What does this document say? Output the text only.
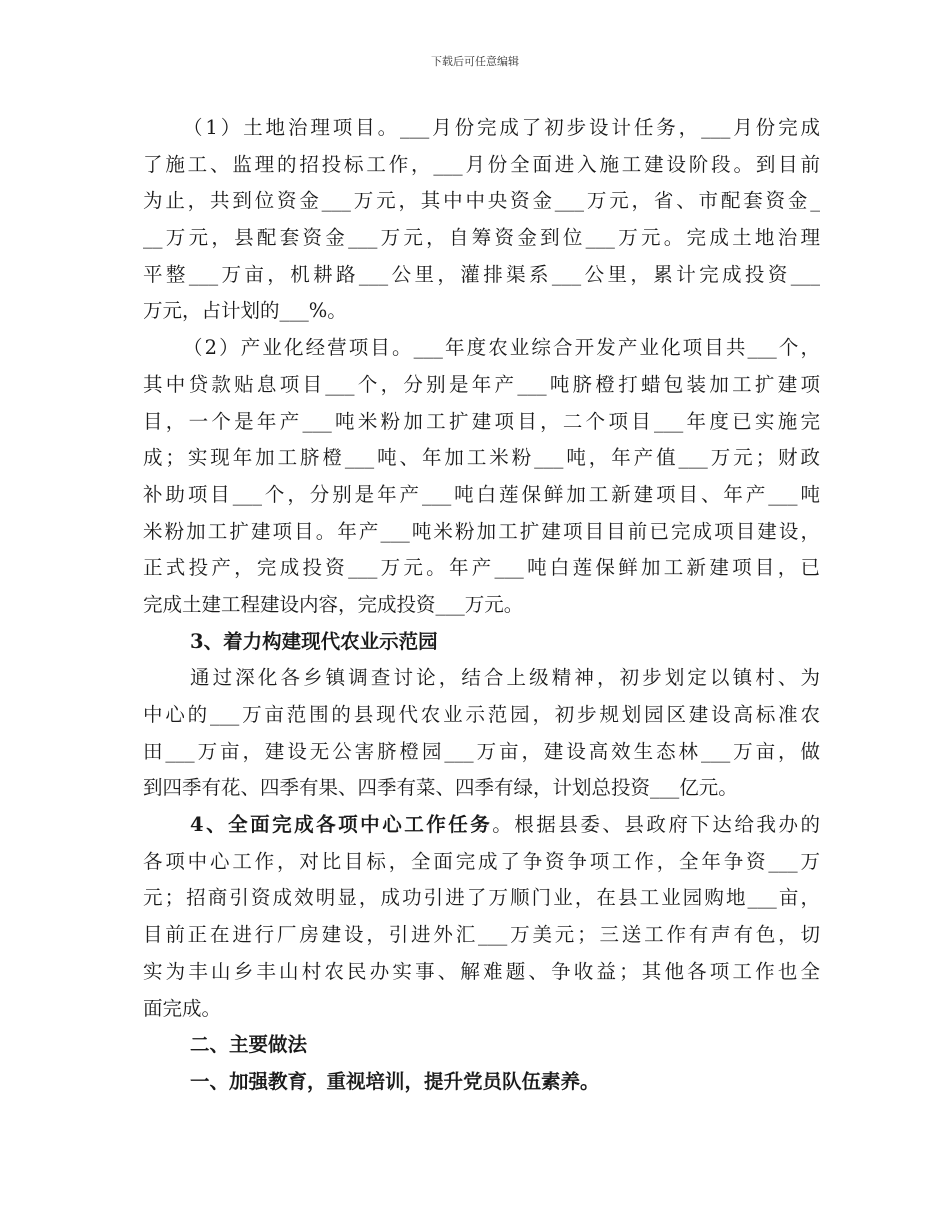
下载后可任意编辑
（1）土地治理项目。___月份完成了初步设计任务，___月份完成
了施工、监理的招投标工作，___月份全面进入施工建设阶段。到目前
为止，共到位资金___万元，其中中央资金___万元，省、市配套资金_
__万元，县配套资金___万元，自筹资金到位___万元。完成土地治理
平整___万亩，机耕路___公里，灌排渠系___公里，累计完成投资___
万元，占计划的___%。
（2）产业化经营项目。___年度农业综合开发产业化项目共___个，
其中贷款贴息项目___个，分别是年产___吨脐橙打蜡包装加工扩建项
目，一个是年产___吨米粉加工扩建项目，二个项目___年度已实施完
成；实现年加工脐橙___吨、年加工米粉___吨，年产值___万元；财政
补助项目___个，分别是年产___吨白莲保鲜加工新建项目、年产___吨
米粉加工扩建项目。年产___吨米粉加工扩建项目目前已完成项目建设，
正式投产，完成投资___万元。年产___吨白莲保鲜加工新建项目，已
完成土建工程建设内容，完成投资___万元。
3、着力构建现代农业示范园
通过深化各乡镇调查讨论，结合上级精神，初步划定以镇村、为
中心的___万亩范围的县现代农业示范园，初步规划园区建设高标准农
田___万亩，建设无公害脐橙园___万亩，建设高效生态林___万亩，做
到四季有花、四季有果、四季有菜、四季有绿，计划总投资___亿元。
4、全面完成各项中心工作任务。根据县委、县政府下达给我办的
各项中心工作，对比目标，全面完成了争资争项工作，全年争资___万
元；招商引资成效明显，成功引进了万顺门业，在县工业园购地___亩，
目前正在进行厂房建设，引进外汇___万美元；三送工作有声有色，切
实为丰山乡丰山村农民办实事、解难题、争收益；其他各项工作也全
面完成。
二、主要做法
一、加强教育，重视培训，提升党员队伍素养。
